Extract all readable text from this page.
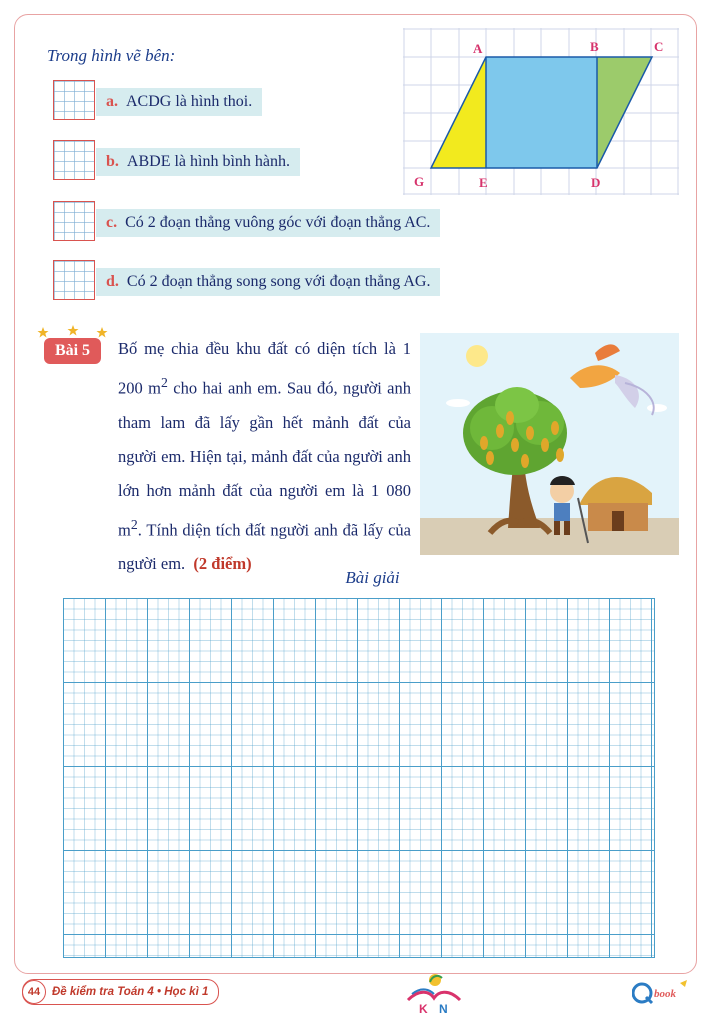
Trong hình vẽ bên:
a. ACDG là hình thoi.
b. ABDE là hình bình hành.
c. Có 2 đoạn thẳng vuông góc với đoạn thẳng AC.
d. Có 2 đoạn thẳng song song với đoạn thẳng AG.
A	B	C
G	E	D
Bài 5	Bố mẹ chia đều khu đất có diện tích là 1 200 $m^2$ cho hai anh em. Sau đó, người anh tham lam đã lấy gần hết mảnh đất của người em. Hiện tại, mảnh đất của người anh lớn hơn mảnh đất của người em là 1 080 $m^2$. Tính diện tích đất người anh đã lấy của người em. (2 điểm)
Bài giải
44	Đề kiểm tra Toán 4 • Học kì 1
K N
book
